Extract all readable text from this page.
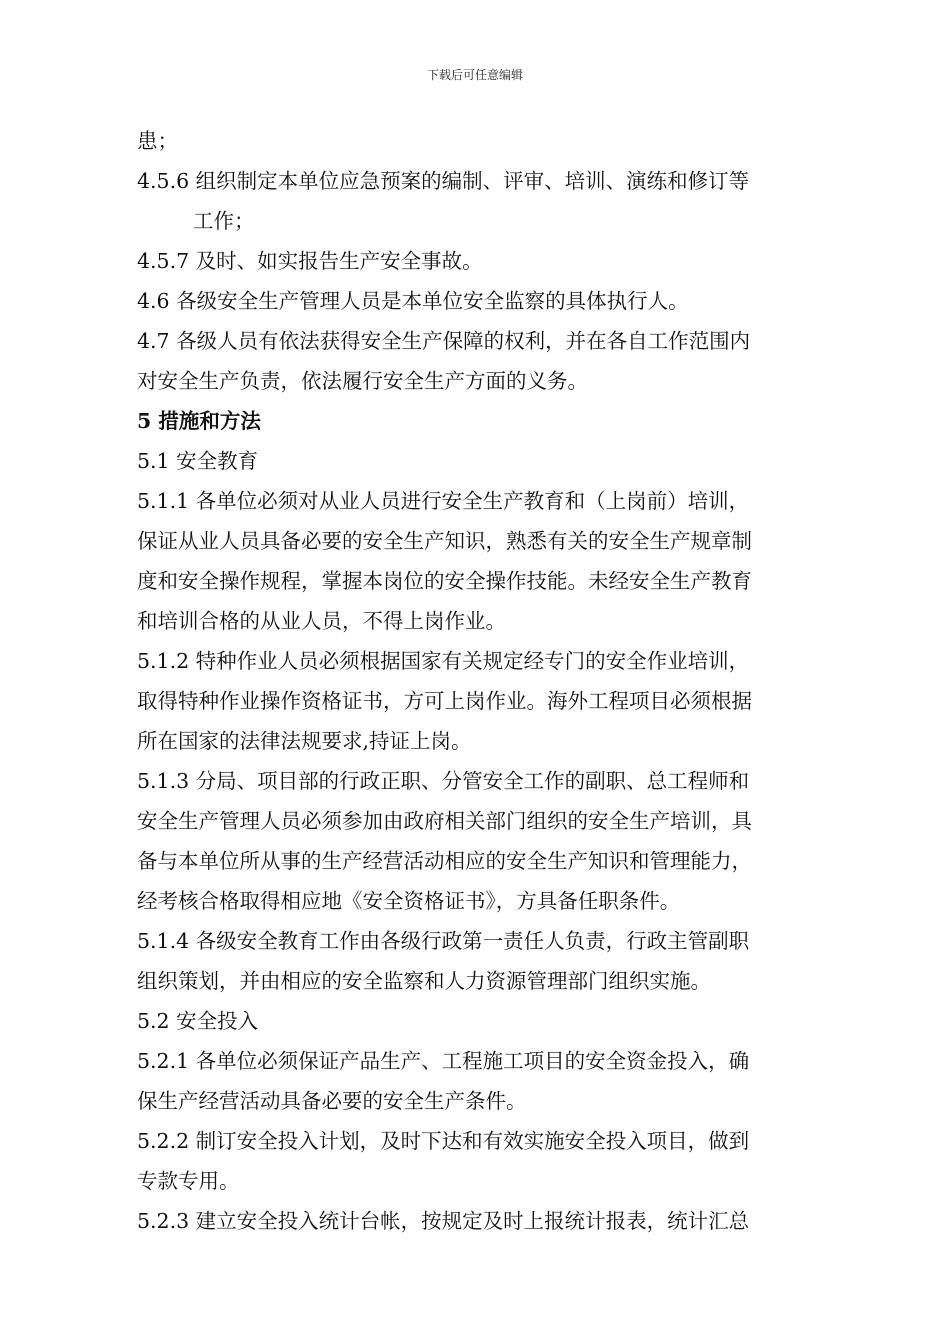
下载后可任意编辑
患；
4.5.6 组织制定本单位应急预案的编制、评审、培训、演练和修订等
工作；
4.5.7 及时、如实报告生产安全事故。
4.6 各级安全生产管理人员是本单位安全监察的具体执行人。
4.7 各级人员有依法获得安全生产保障的权利，并在各自工作范围内
对安全生产负责，依法履行安全生产方面的义务。
5 措施和方法
5.1 安全教育
5.1.1 各单位必须对从业人员进行安全生产教育和（上岗前）培训，
保证从业人员具备必要的安全生产知识，熟悉有关的安全生产规章制
度和安全操作规程，掌握本岗位的安全操作技能。未经安全生产教育
和培训合格的从业人员，不得上岗作业。
5.1.2 特种作业人员必须根据国家有关规定经专门的安全作业培训，
取得特种作业操作资格证书，方可上岗作业。海外工程项目必须根据
所在国家的法律法规要求,持证上岗。
5.1.3 分局、项目部的行政正职、分管安全工作的副职、总工程师和
安全生产管理人员必须参加由政府相关部门组织的安全生产培训，具
备与本单位所从事的生产经营活动相应的安全生产知识和管理能力，
经考核合格取得相应地《安全资格证书》，方具备任职条件。
5.1.4 各级安全教育工作由各级行政第一责任人负责，行政主管副职
组织策划，并由相应的安全监察和人力资源管理部门组织实施。
5.2 安全投入
5.2.1 各单位必须保证产品生产、工程施工项目的安全资金投入，确
保生产经营活动具备必要的安全生产条件。
5.2.2 制订安全投入计划，及时下达和有效实施安全投入项目，做到
专款专用。
5.2.3 建立安全投入统计台帐，按规定及时上报统计报表，统计汇总
